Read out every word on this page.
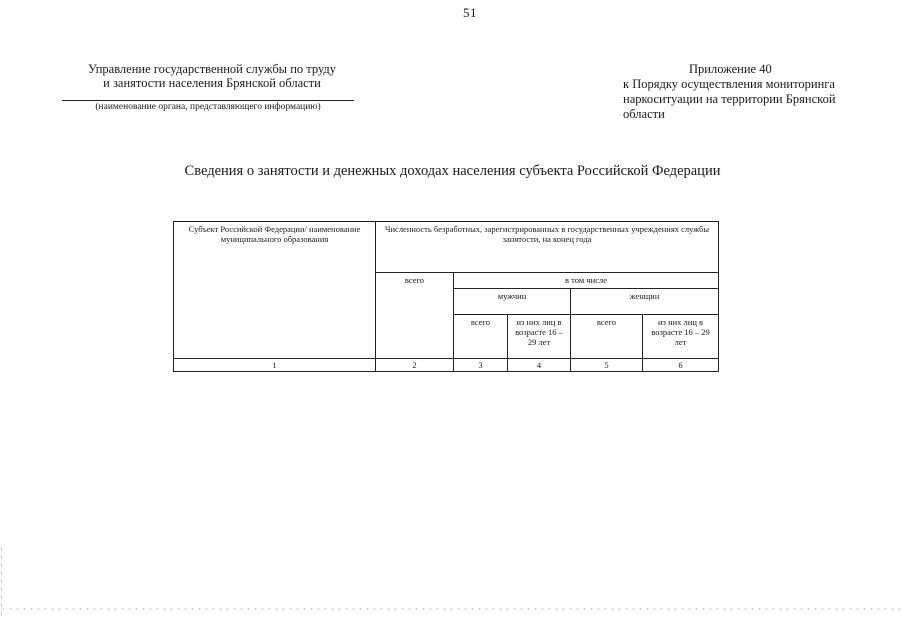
51
Управление государственной службы по труду
и занятости населения Брянской области
(наименование органа, представляющего информацию)
Приложение 40
к Порядку осуществления мониторинга
наркоситуации на территории Брянской
области
Сведения о занятости и денежных доходах населения субъекта Российской Федерации
Субъект Российской Федерации/ наименование муниципального образования	Численность безработных, зарегистрированных в государственных учреждениях службы занятости, на конец года				
	всего	в том числе			
		мужчин		женщин	
		всего	из них лиц в возрасте 16 – 29 лет	всего	из них лиц в возрасте 16 – 29 лет
1	2	3	4	5	6
